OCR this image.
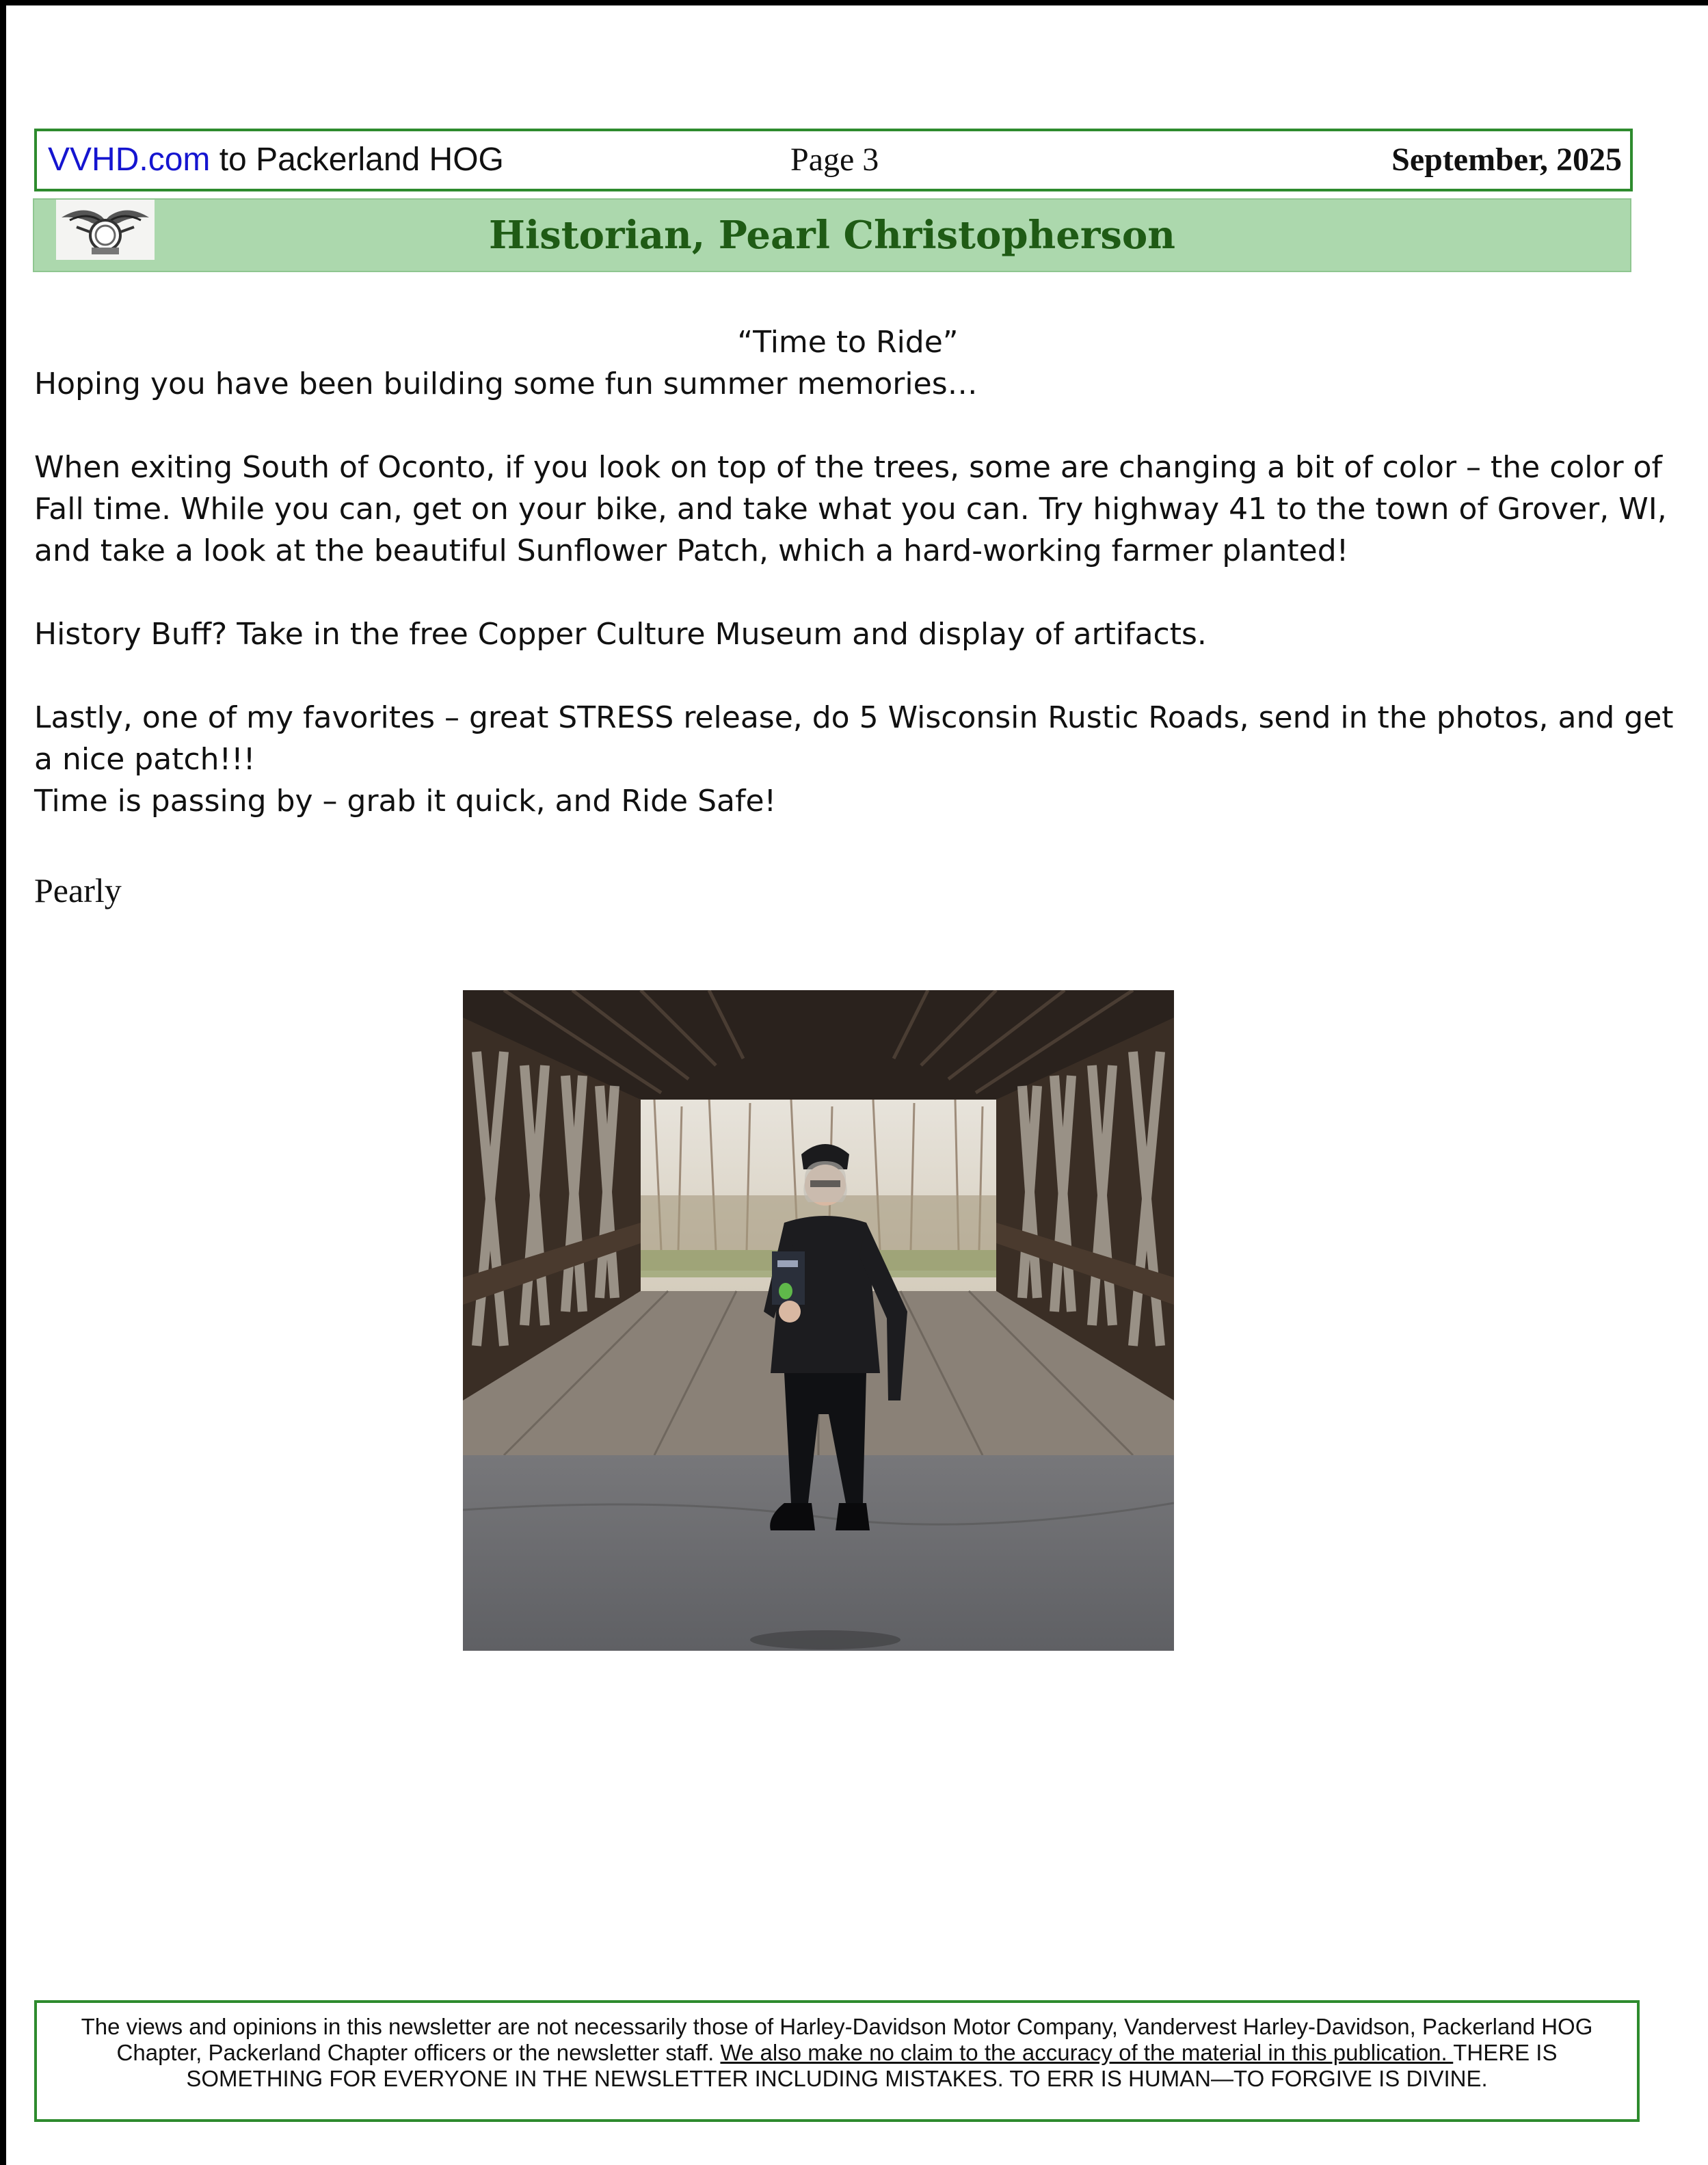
VVHD.com to Packerland HOG	Page 3	September, 2025
Historian, Pearl Christopherson

“Time to Ride”

Hoping you have been building some fun summer memories…

When exiting South of Oconto, if you look on top of the trees, some are changing a bit of color – the color of Fall time. While you can, get on your bike, and take what you can. Try highway 41 to the town of Grover, WI, and take a look at the beautiful Sunflower Patch, which a hard-working farmer planted!

History Buff? Take in the free Copper Culture Museum and display of artifacts.

Lastly, one of my favorites – great STRESS release, do 5 Wisconsin Rustic Roads, send in the photos, and get a nice patch!!!

Time is passing by – grab it quick, and Ride Safe!

Pearly
The views and opinions in this newsletter are not necessarily those of Harley-Davidson Motor Company, Vandervest Harley-Davidson, Packerland HOG Chapter, Packerland Chapter officers or the newsletter staff. We also make no claim to the accuracy of the material in this publication. THERE IS SOMETHING FOR EVERYONE IN THE NEWSLETTER INCLUDING MISTAKES. TO ERR IS HUMAN—TO FORGIVE IS DIVINE.
